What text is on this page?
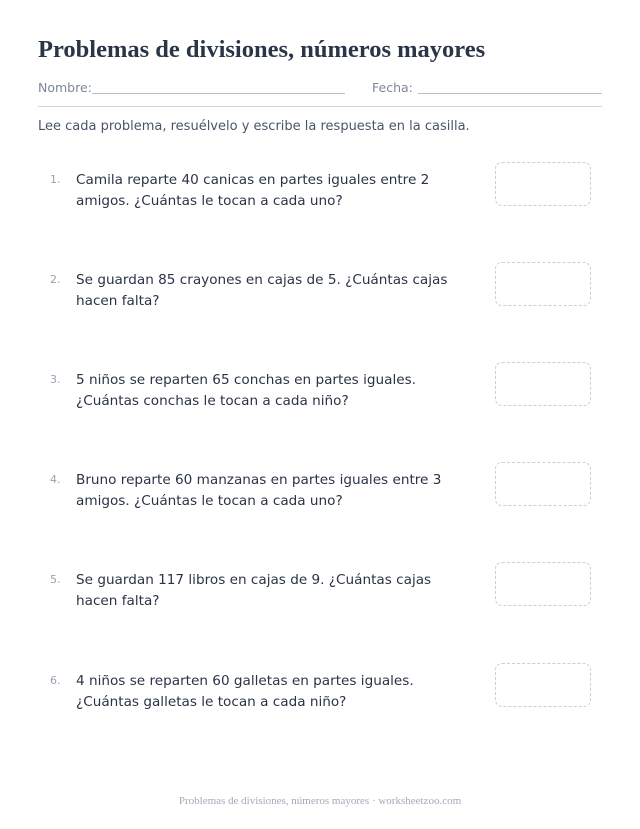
Problemas de divisiones, números mayores
Nombre:	Fecha:
Lee cada problema, resuélvelo y escribe la respuesta en la casilla.
1. Camila reparte 40 canicas en partes iguales entre 2 amigos. ¿Cuántas le tocan a cada uno?
2. Se guardan 85 crayones en cajas de 5. ¿Cuántas cajas hacen falta?
3. 5 niños se reparten 65 conchas en partes iguales. ¿Cuántas conchas le tocan a cada niño?
4. Bruno reparte 60 manzanas en partes iguales entre 3 amigos. ¿Cuántas le tocan a cada uno?
5. Se guardan 117 libros en cajas de 9. ¿Cuántas cajas hacen falta?
6. 4 niños se reparten 60 galletas en partes iguales. ¿Cuántas galletas le tocan a cada niño?
Problemas de divisiones, números mayores · worksheetzoo.com
